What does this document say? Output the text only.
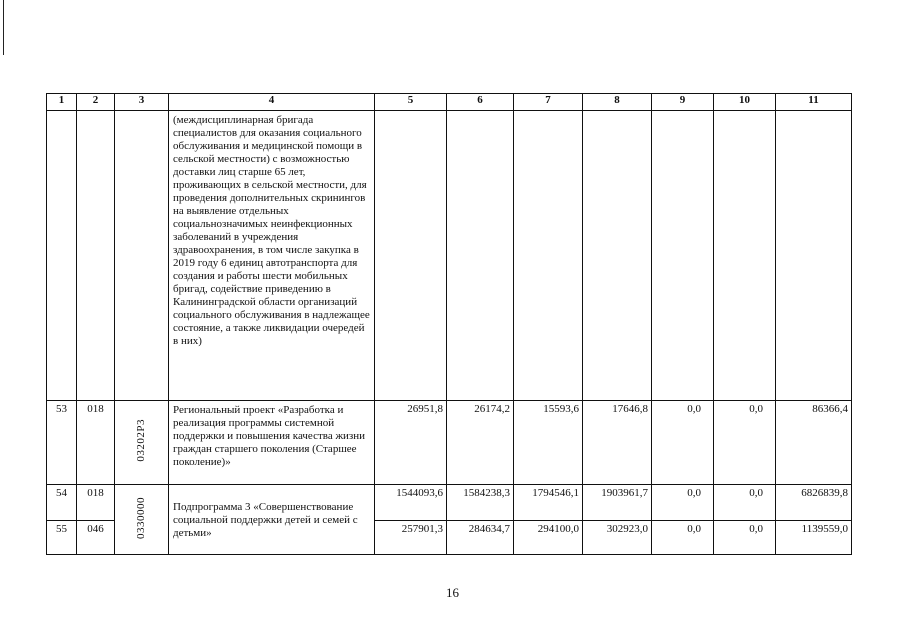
1	2	3	4	5	6	7	8	9	10	11
			(междисциплинарная бригада специалистов для оказания социального обслуживания и медицинской помощи в сельской местности) с возможностью доставки лиц старше 65 лет, проживающих в сельской местности, для проведения дополнительных скринингов на выявление отдельных социальнозначимых неинфекционных заболеваний в учреждения здравоохранения, в том числе закупка в 2019 году 6 единиц автотранспорта для создания и работы шести мобильных бригад, содействие приведению в Калининградской области организаций социального обслуживания в надлежащее состояние, а также ликвидации очередей в них)							
53	018	03202Р3	Региональный проект «Разработка и реализация программы системной поддержки и повышения качества жизни граждан старшего поколения (Старшее поколение)»	26951,8	26174,2	15593,6	17646,8	0,0	0,0	86366,4
54	018	0330000	Подпрограмма 3 «Совершенствование социальной поддержки детей и семей с детьми»	1544093,6	1584238,3	1794546,1	1903961,7	0,0	0,0	6826839,8
55	046			257901,3	284634,7	294100,0	302923,0	0,0	0,0	1139559,0
16
